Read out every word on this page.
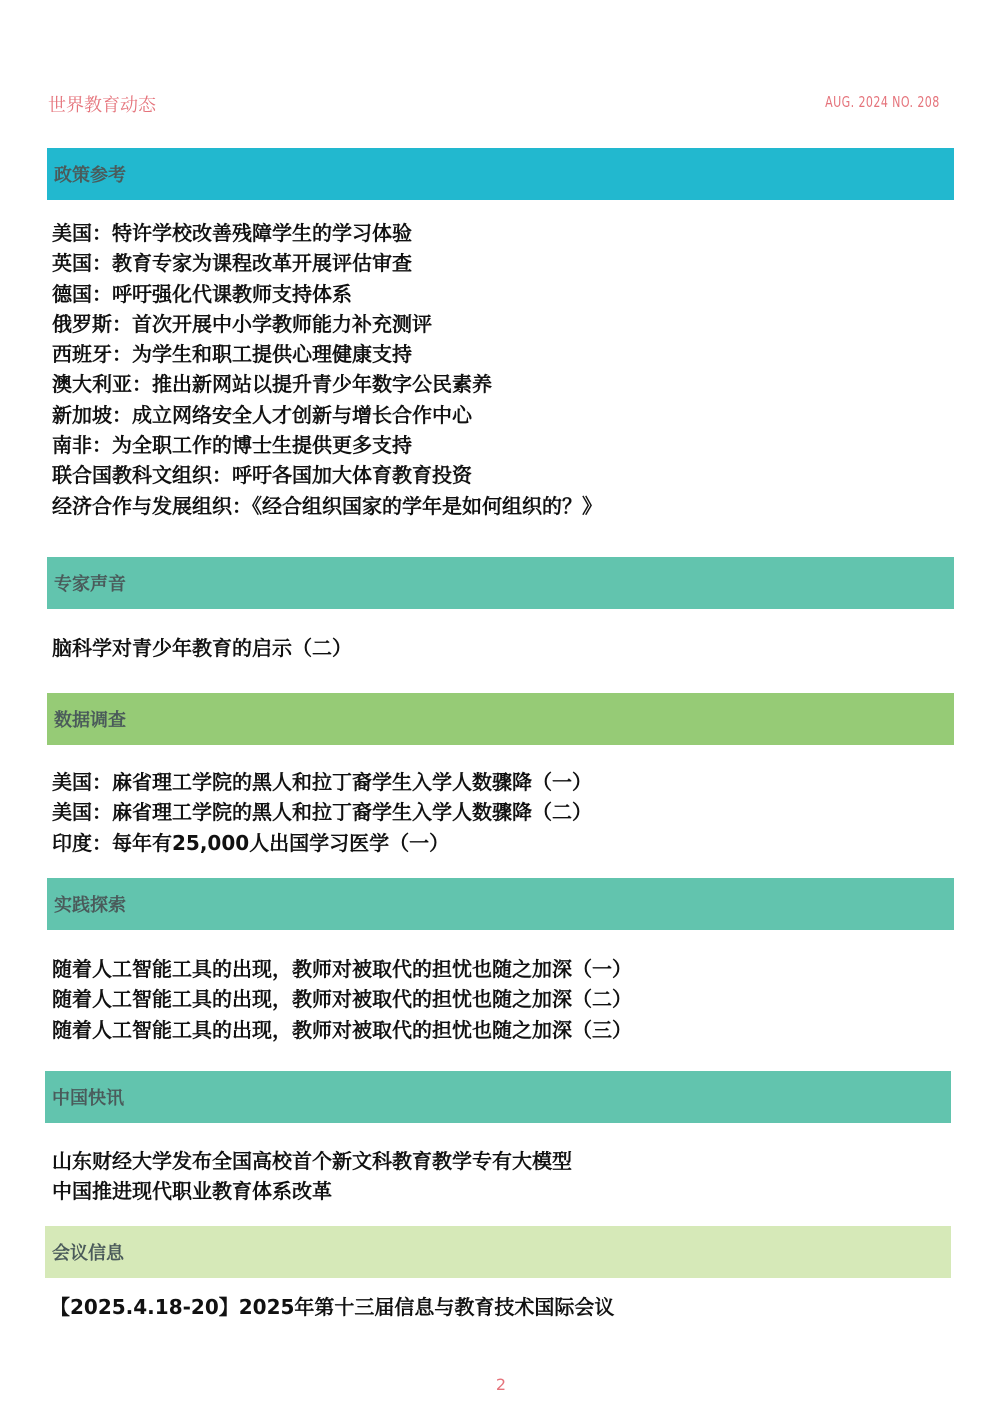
世界教育动态	AUG. 2024 NO. 208
政策参考
美国：特许学校改善残障学生的学习体验
英国：教育专家为课程改革开展评估审查
德国：呼吁强化代课教师支持体系
俄罗斯：首次开展中小学教师能力补充测评
西班牙：为学生和职工提供心理健康支持
澳大利亚：推出新网站以提升青少年数字公民素养
新加坡：成立网络安全人才创新与增长合作中心
南非：为全职工作的博士生提供更多支持
联合国教科文组织：呼吁各国加大体育教育投资
经济合作与发展组织：《经合组织国家的学年是如何组织的？》
专家声音
脑科学对青少年教育的启示（二）
数据调查
美国：麻省理工学院的黑人和拉丁裔学生入学人数骤降（一）
美国：麻省理工学院的黑人和拉丁裔学生入学人数骤降（二）
印度：每年有25,000人出国学习医学（一）
实践探索
随着人工智能工具的出现，教师对被取代的担忧也随之加深（一）
随着人工智能工具的出现，教师对被取代的担忧也随之加深（二）
随着人工智能工具的出现，教师对被取代的担忧也随之加深（三）
中国快讯
山东财经大学发布全国高校首个新文科教育教学专有大模型
中国推进现代职业教育体系改革
会议信息
【2025.4.18-20】2025年第十三届信息与教育技术国际会议
2
